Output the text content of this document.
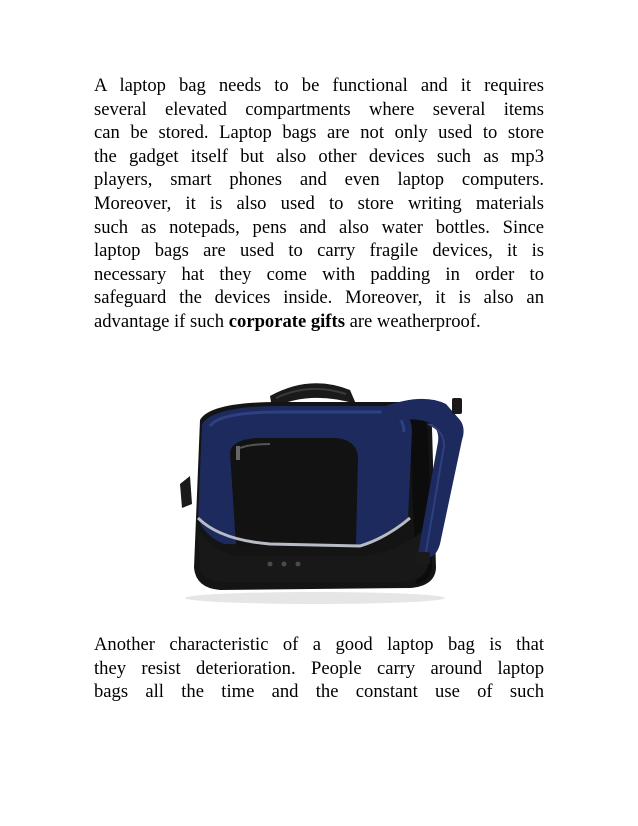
A laptop bag needs to be functional and it requires
several elevated compartments where several items
can be stored. Laptop bags are not only used to store
the gadget itself but also other devices such as mp3
players, smart phones and even laptop computers.
Moreover, it is also used to store writing materials
such as notepads, pens and also water bottles. Since
laptop bags are used to carry fragile devices, it is
necessary hat they come with padding in order to
safeguard the devices inside. Moreover, it is also an
advantage if such corporate gifts are weatherproof.

Another characteristic of a good laptop bag is that
they resist deterioration. People carry around laptop
bags all the time and the constant use of such
